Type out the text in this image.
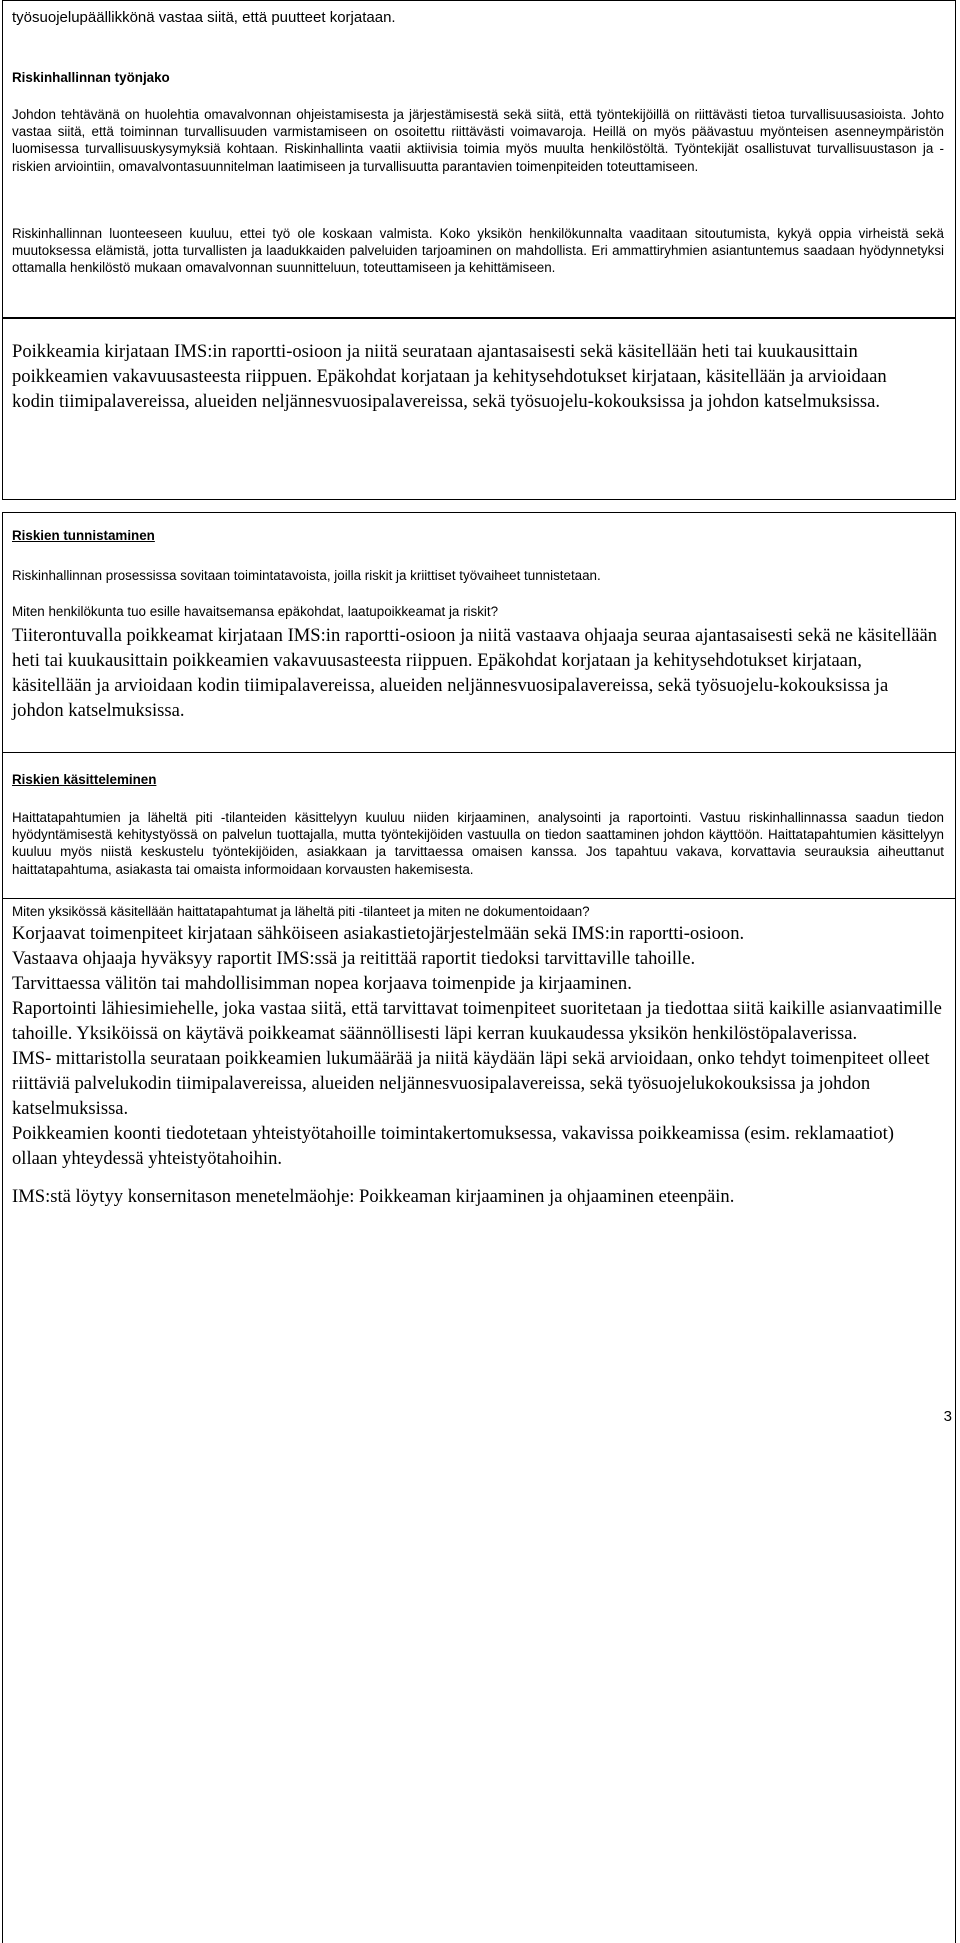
työsuojelupäällikkönä vastaa siitä, että puutteet korjataan.

Riskinhallinnan työnjako

Johdon tehtävänä on huolehtia omavalvonnan ohjeistamisesta ja järjestämisestä sekä siitä, että työntekijöillä on riittävästi tietoa turvallisuusasioista. Johto vastaa siitä, että toiminnan turvallisuuden varmistamiseen on osoitettu riittävästi voimavaroja. Heillä on myös päävastuu myönteisen asenneympäristön luomisessa turvallisuuskysymyksiä kohtaan. Riskinhallinta vaatii aktiivisia toimia myös muulta henkilöstöltä. Työntekijät osallistuvat turvallisuustason ja -riskien arviointiin, omavalvontasuunnitelman laatimiseen ja turvallisuutta parantavien toimenpiteiden toteuttamiseen.

Riskinhallinnan luonteeseen kuuluu, ettei työ ole koskaan valmista. Koko yksikön henkilökunnalta vaaditaan sitoutumista, kykyä oppia virheistä sekä muutoksessa elämistä, jotta turvallisten ja laadukkaiden palveluiden tarjoaminen on mahdollista. Eri ammattiryhmien asiantuntemus saadaan hyödynnetyksi ottamalla henkilöstö mukaan omavalvonnan suunnitteluun, toteuttamiseen ja kehittämiseen.

Poikkeamia kirjataan IMS:in raportti-osioon ja niitä seurataan ajantasaisesti sekä käsitellään heti tai kuukausittain poikkeamien vakavuusasteesta riippuen. Epäkohdat korjataan ja kehitysehdotukset kirjataan, käsitellään ja arvioidaan kodin tiimipalavereissa, alueiden neljännesvuosipalavereissa, sekä työsuojelu-kokouksissa ja johdon katselmuksissa.

Riskien tunnistaminen

Riskinhallinnan prosessissa sovitaan toimintatavoista, joilla riskit ja kriittiset työvaiheet tunnistetaan.

Miten henkilökunta tuo esille havaitsemansa epäkohdat, laatupoikkeamat ja riskit?

Tiiterontuvalla poikkeamat kirjataan IMS:in raportti-osioon ja niitä vastaava ohjaaja seuraa ajantasaisesti sekä ne käsitellään heti tai kuukausittain poikkeamien vakavuusasteesta riippuen. Epäkohdat korjataan ja kehitysehdotukset kirjataan, käsitellään ja arvioidaan kodin tiimipalavereissa, alueiden neljännesvuosipalavereissa, sekä työsuojelu-kokouksissa ja johdon katselmuksissa.

Riskien käsitteleminen

Haittatapahtumien ja läheltä piti -tilanteiden käsittelyyn kuuluu niiden kirjaaminen, analysointi ja raportointi. Vastuu riskinhallinnassa saadun tiedon hyödyntämisestä kehitystyössä on palvelun tuottajalla, mutta työntekijöiden vastuulla on tiedon saattaminen johdon käyttöön. Haittatapahtumien käsittelyyn kuuluu myös niistä keskustelu työntekijöiden, asiakkaan ja tarvittaessa omaisen kanssa. Jos tapahtuu vakava, korvattavia seurauksia aiheuttanut haittatapahtuma, asiakasta tai omaista informoidaan korvausten hakemisesta.

Miten yksikössä käsitellään haittatapahtumat ja läheltä piti -tilanteet ja miten ne dokumentoidaan?

Korjaavat toimenpiteet kirjataan sähköiseen asiakastietojärjestelmään sekä IMS:in raportti-osioon.

Vastaava ohjaaja hyväksyy raportit IMS:ssä ja reitittää raportit tiedoksi tarvittaville tahoille.

Tarvittaessa välitön tai mahdollisimman nopea korjaava toimenpide ja kirjaaminen.

Raportointi lähiesimiehelle, joka vastaa siitä, että tarvittavat toimenpiteet suoritetaan ja tiedottaa siitä kaikille asianvaatimille tahoille. Yksiköissä on käytävä poikkeamat säännöllisesti läpi kerran kuukaudessa yksikön henkilöstöpalaverissa.

IMS- mittaristolla seurataan poikkeamien lukumäärää ja niitä käydään läpi sekä arvioidaan, onko tehdyt toimenpiteet olleet riittäviä palvelukodin tiimipalavereissa, alueiden neljännesvuosipalavereissa, sekä työsuojelukokouksissa ja johdon katselmuksissa.

Poikkeamien koonti tiedotetaan yhteistyötahoille toimintakertomuksessa, vakavissa poikkeamissa (esim. reklamaatiot) ollaan yhteydessä yhteistyötahoihin.

IMS:stä löytyy konsernitason menetelmäohje: Poikkeaman kirjaaminen ja ohjaaminen eteenpäin.

3
